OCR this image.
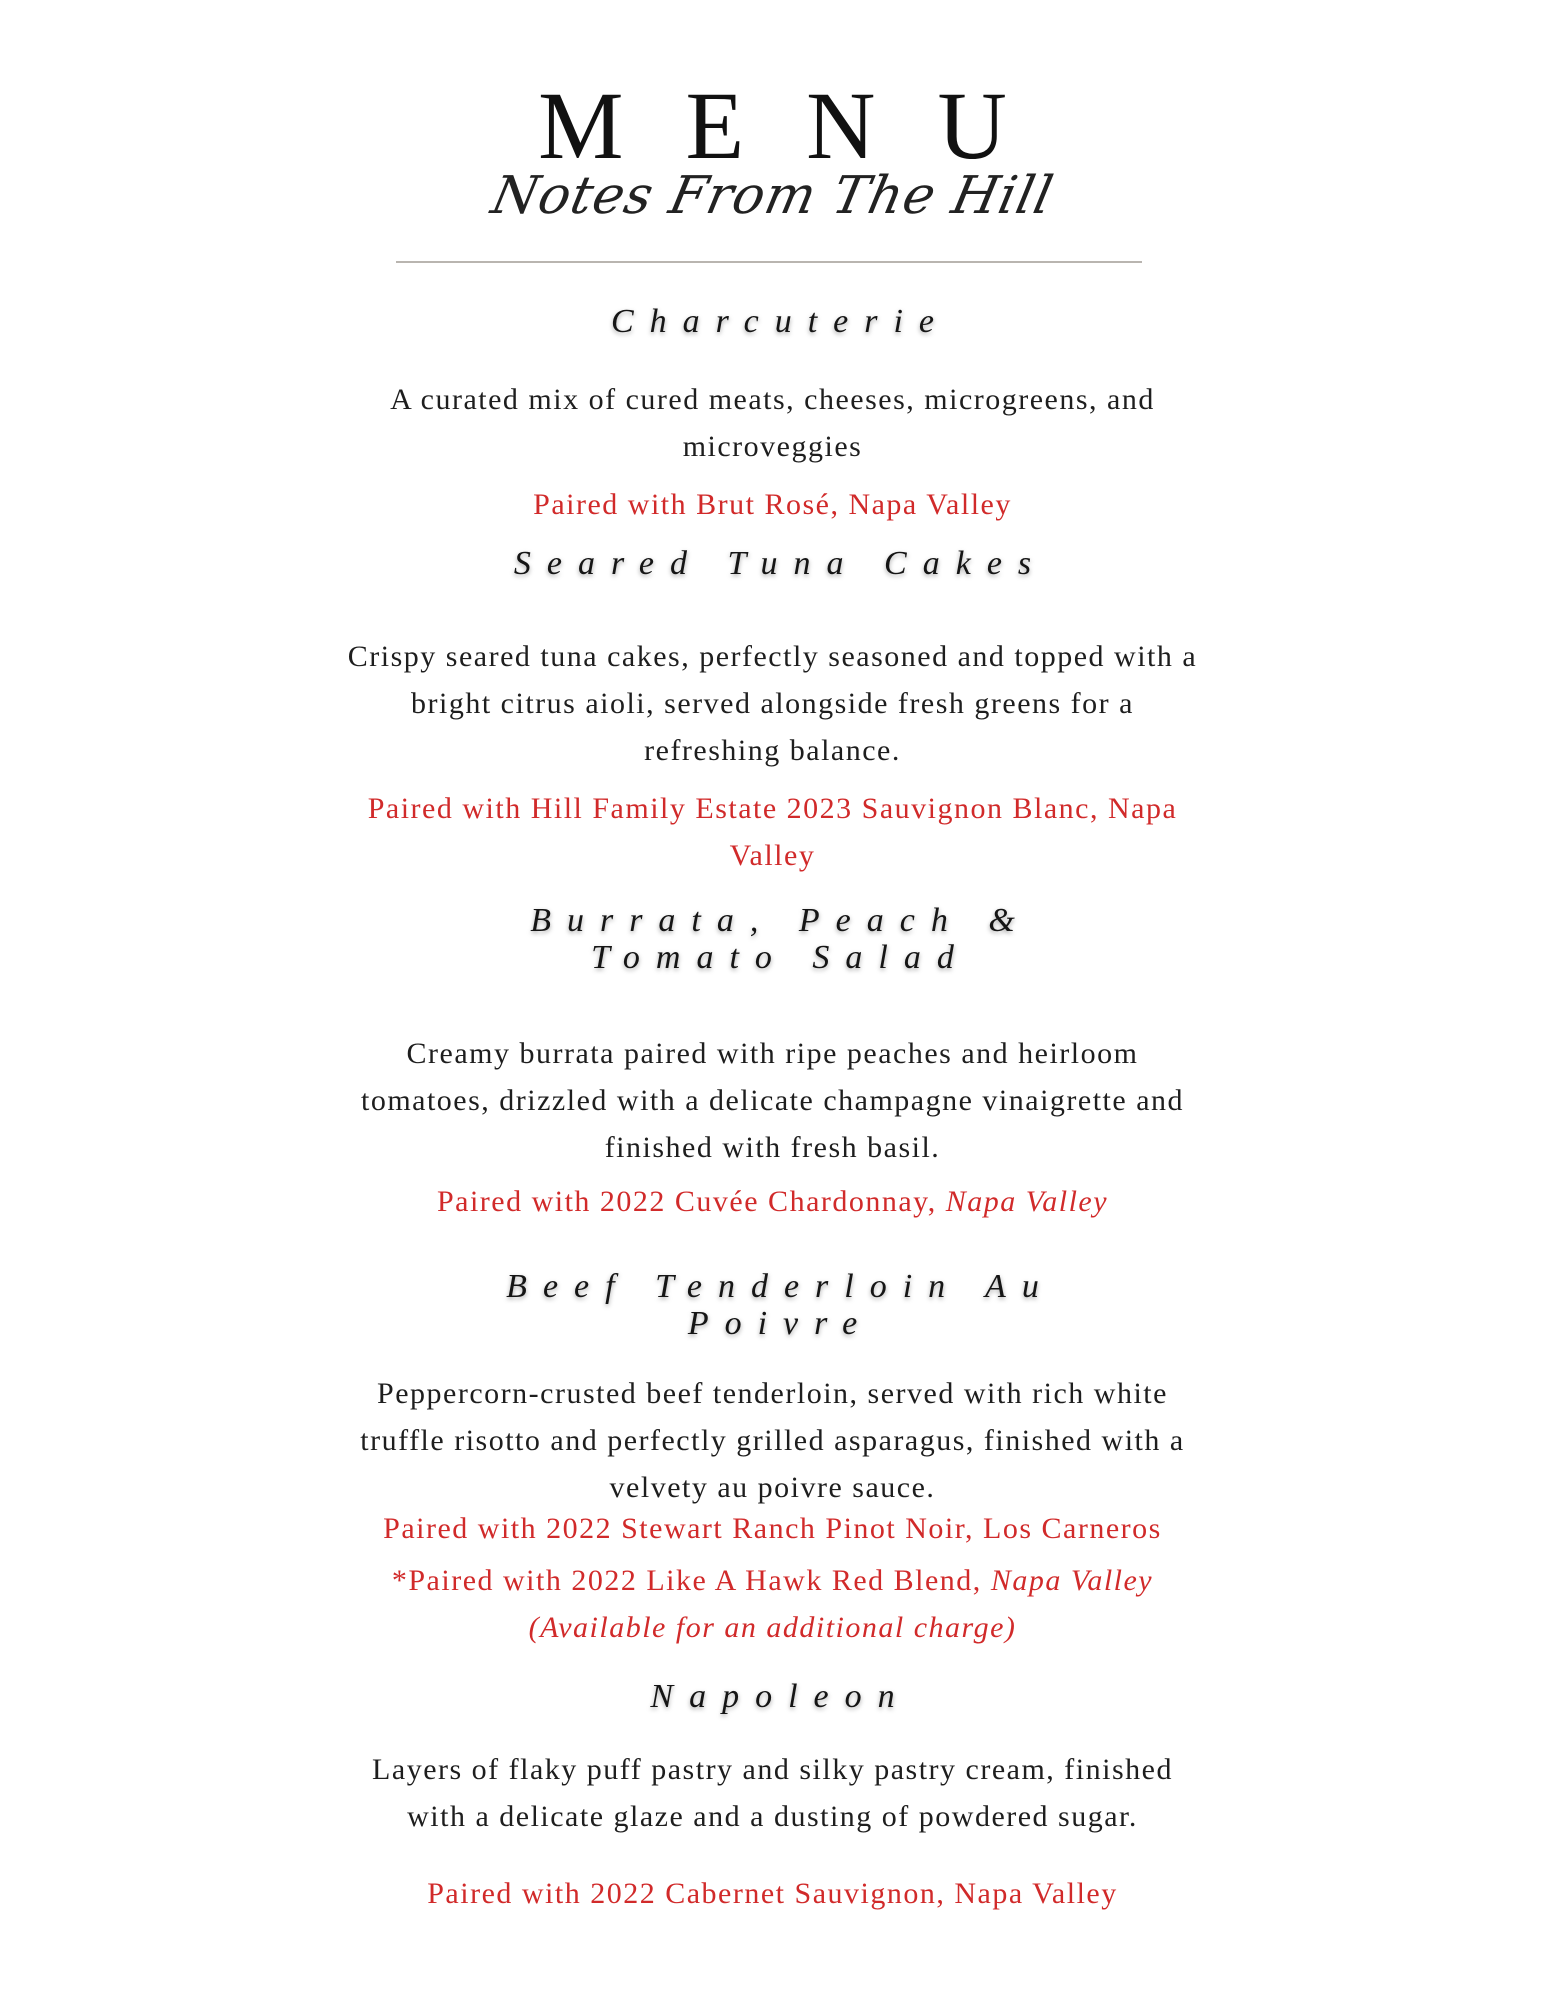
MENU
Notes From The Hill
Charcuterie
A curated mix of cured meats, cheeses, microgreens, and
microveggies
Paired with Brut Rosé, Napa Valley
Seared Tuna Cakes
Crispy seared tuna cakes, perfectly seasoned and topped with a
bright citrus aioli, served alongside fresh greens for a
refreshing balance.
Paired with Hill Family Estate 2023 Sauvignon Blanc, Napa
Valley
Burrata, Peach &
Tomato Salad
Creamy burrata paired with ripe peaches and heirloom
tomatoes, drizzled with a delicate champagne vinaigrette and
finished with fresh basil.
Paired with 2022 Cuvée Chardonnay, Napa Valley
Beef Tenderloin Au
Poivre
Peppercorn-crusted beef tenderloin, served with rich white
truffle risotto and perfectly grilled asparagus, finished with a
velvety au poivre sauce.
Paired with 2022 Stewart Ranch Pinot Noir, Los Carneros
*Paired with 2022 Like A Hawk Red Blend, Napa Valley
(Available for an additional charge)
Napoleon
Layers of flaky puff pastry and silky pastry cream, finished
with a delicate glaze and a dusting of powdered sugar.
Paired with 2022 Cabernet Sauvignon, Napa Valley
